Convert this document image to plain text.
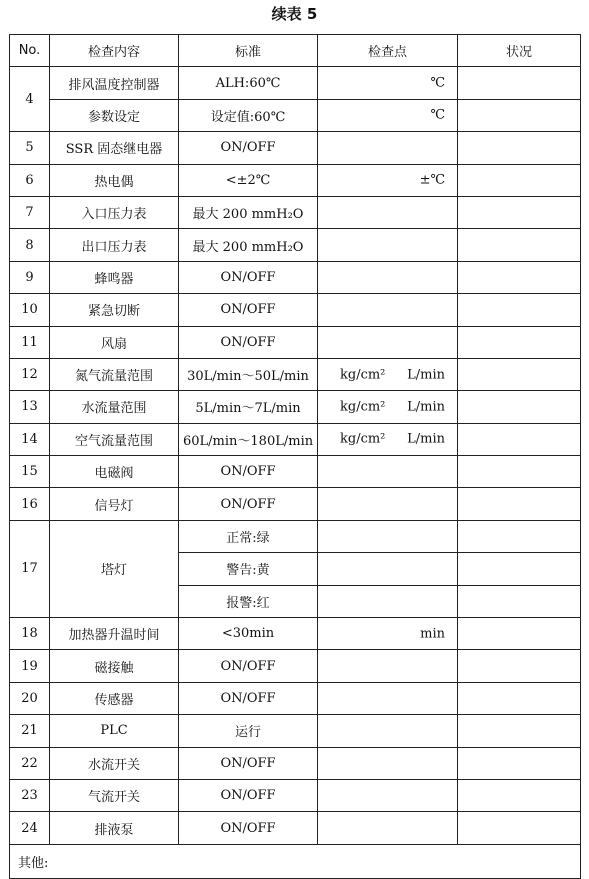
续表 5
No.	检查内容	标准	检查点	状况
4	排风温度控制器	ALH:60℃	℃	

	参数设定	设定值:60℃	℃	

5	SSR 固态继电器	ON/OFF		
6	热电偶	<±2℃	±℃	

7	入口压力表	最大 200 mmH₂O		
8	出口压力表	最大 200 mmH₂O		
9	蜂鸣器	ON/OFF		
10	紧急切断	ON/OFF		
11	风扇	ON/OFF		
12	氮气流量范围	30L/min～50L/min	kg/cm² L/min	

13	水流量范围	5L/min～7L/min	kg/cm² L/min	

14	空气流量范围	60L/min～180L/min	kg/cm² L/min	

15	电磁阀	ON/OFF		
16	信号灯	ON/OFF		
17	塔灯	正常:绿		
		警告:黄		
		报警:红		
18	加热器升温时间	<30min	min	

19	磁接触	ON/OFF		
20	传感器	ON/OFF		
21	PLC	运行		
22	水流开关	ON/OFF		
23	气流开关	ON/OFF		
24	排液泵	ON/OFF		
其他:				
